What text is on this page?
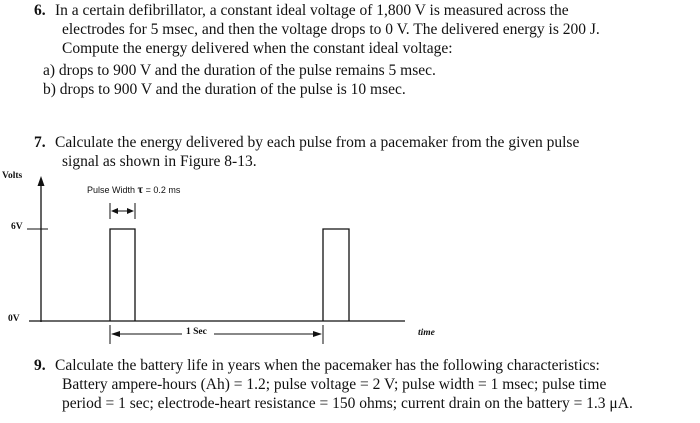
6. In a certain defibrillator, a constant ideal voltage of 1,800 V is measured across the
electrodes for 5 msec, and then the voltage drops to 0 V. The delivered energy is 200 J.
Compute the energy delivered when the constant ideal voltage:
a) drops to 900 V and the duration of the pulse remains 5 msec.
b) drops to 900 V and the duration of the pulse is 10 msec.
7. Calculate the energy delivered by each pulse from a pacemaker from the given pulse
signal as shown in Figure 8-13.
Volts
6V
0V
Pulse Width τ = 0.2 ms
1 Sec	time
9. Calculate the battery life in years when the pacemaker has the following characteristics:
Battery ampere-hours (Ah) = 1.2; pulse voltage = 2 V; pulse width = 1 msec; pulse time
period = 1 sec; electrode-heart resistance = 150 ohms; current drain on the battery = 1.3 μA.
